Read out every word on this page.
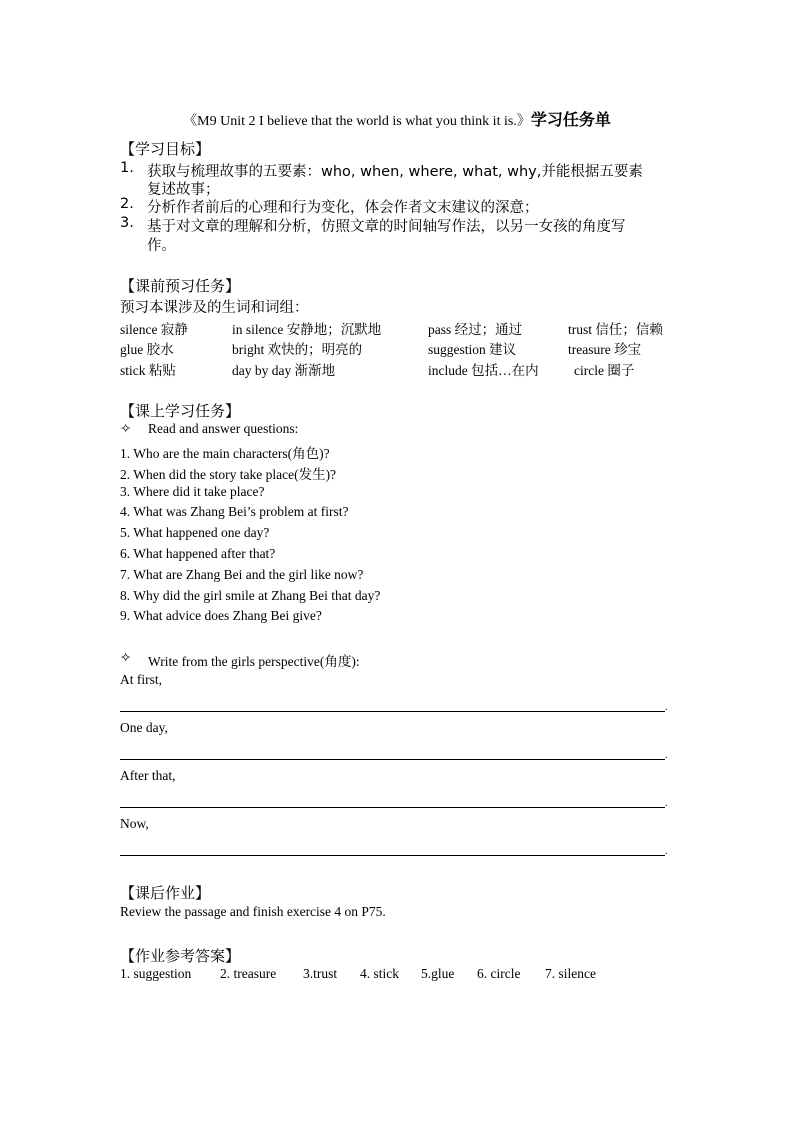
《M9 Unit 2 I believe that the world is what you think it is.》学习任务单
【学习目标】
1. 获取与梳理故事的五要素：who, when, where, what, why,并能根据五要素
复述故事；
2. 分析作者前后的心理和行为变化，体会作者文末建议的深意；
3. 基于对文章的理解和分析，仿照文章的时间轴写作法，以另一女孩的角度写
作。
【课前预习任务】
预习本课涉及的生词和词组：
silence 寂静	in silence 安静地；沉默地	pass 经过；通过	trust 信任；信赖
glue 胶水	bright 欢快的；明亮的	suggestion 建议	treasure 珍宝
stick 粘贴	day by day 渐渐地	include 包括…在内	circle 圈子
【课上学习任务】
✧ Read and answer questions:
1. Who are the main characters(角色)?
2. When did the story take place(发生)?
3. Where did it take place?
4. What was Zhang Bei’s problem at first?
5. What happened one day?
6. What happened after that?
7. What are Zhang Bei and the girl like now?
8. Why did the girl smile at Zhang Bei that day?
9. What advice does Zhang Bei give?
✧ Write from the girls perspective(角度):
At first,
.
One day,
.
After that,
.
Now,
.
【课后作业】
Review the passage and finish exercise 4 on P75.
【作业参考答案】
1. suggestion 2. treasure 3.trust 4. stick 5.glue 6. circle 7. silence
